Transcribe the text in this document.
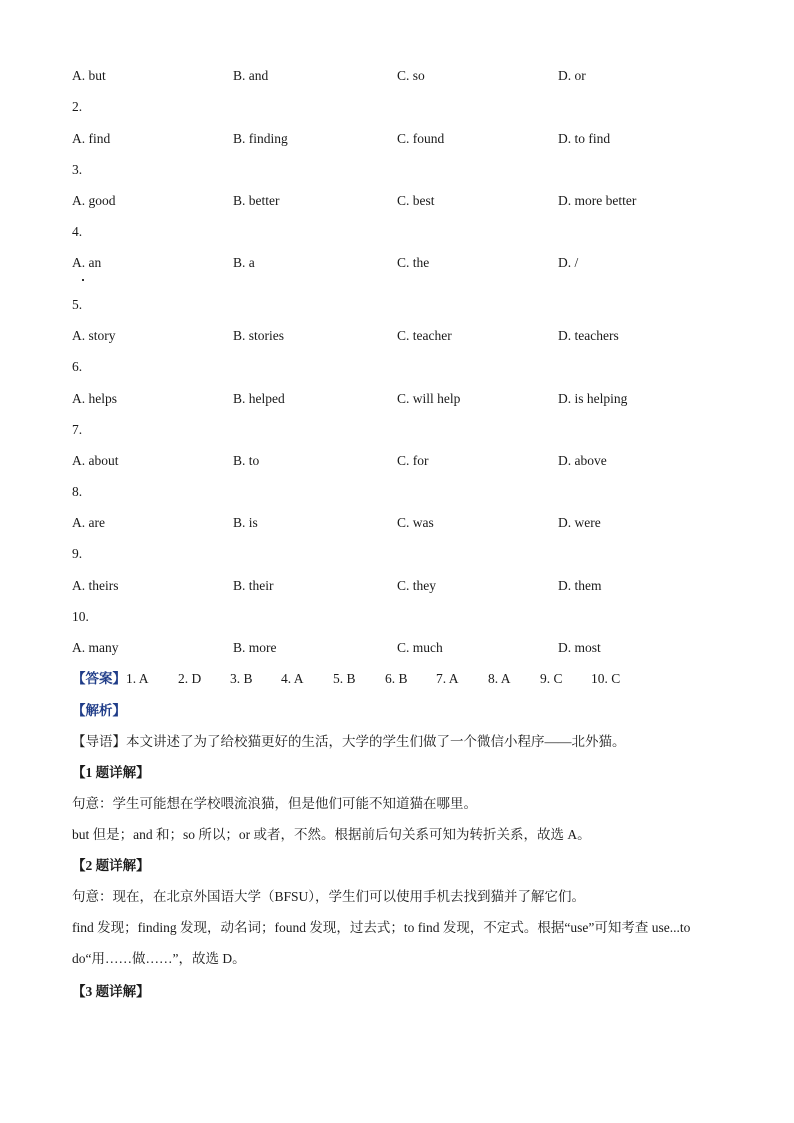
A. but	B. and	C. so	D. or
2.
A. find	B. finding	C. found	D. to find
3.
A. good	B. better	C. best	D. more better
4.
A. an	B. a	C. the	D. /
5.
A. story	B. stories	C. teacher	D. teachers
6.
A. helps	B. helped	C. will help	D. is helping
7.
A. about	B. to	C. for	D. above
8.
A. are	B. is	C. was	D. were
9.
A. theirs	B. their	C. they	D. them
10.
A. many	B. more	C. much	D. most
【答案】1. A 2. D 3. B 4. A 5. B 6. B 7. A 8. A 9. C 10. C
【解析】
【导语】本文讲述了为了给校猫更好的生活，大学的学生们做了一个微信小程序——北外猫。
【1 题详解】
句意：学生可能想在学校喂流浪猫，但是他们可能不知道猫在哪里。
but 但是；and 和；so 所以；or 或者，不然。根据前后句关系可知为转折关系，故选 A。
【2 题详解】
句意：现在，在北京外国语大学（BFSU），学生们可以使用手机去找到猫并了解它们。
find 发现；finding 发现，动名词；found 发现，过去式；to find 发现，不定式。根据“use”可知考查 use...to
do“用……做……”，故选 D。
【3 题详解】
